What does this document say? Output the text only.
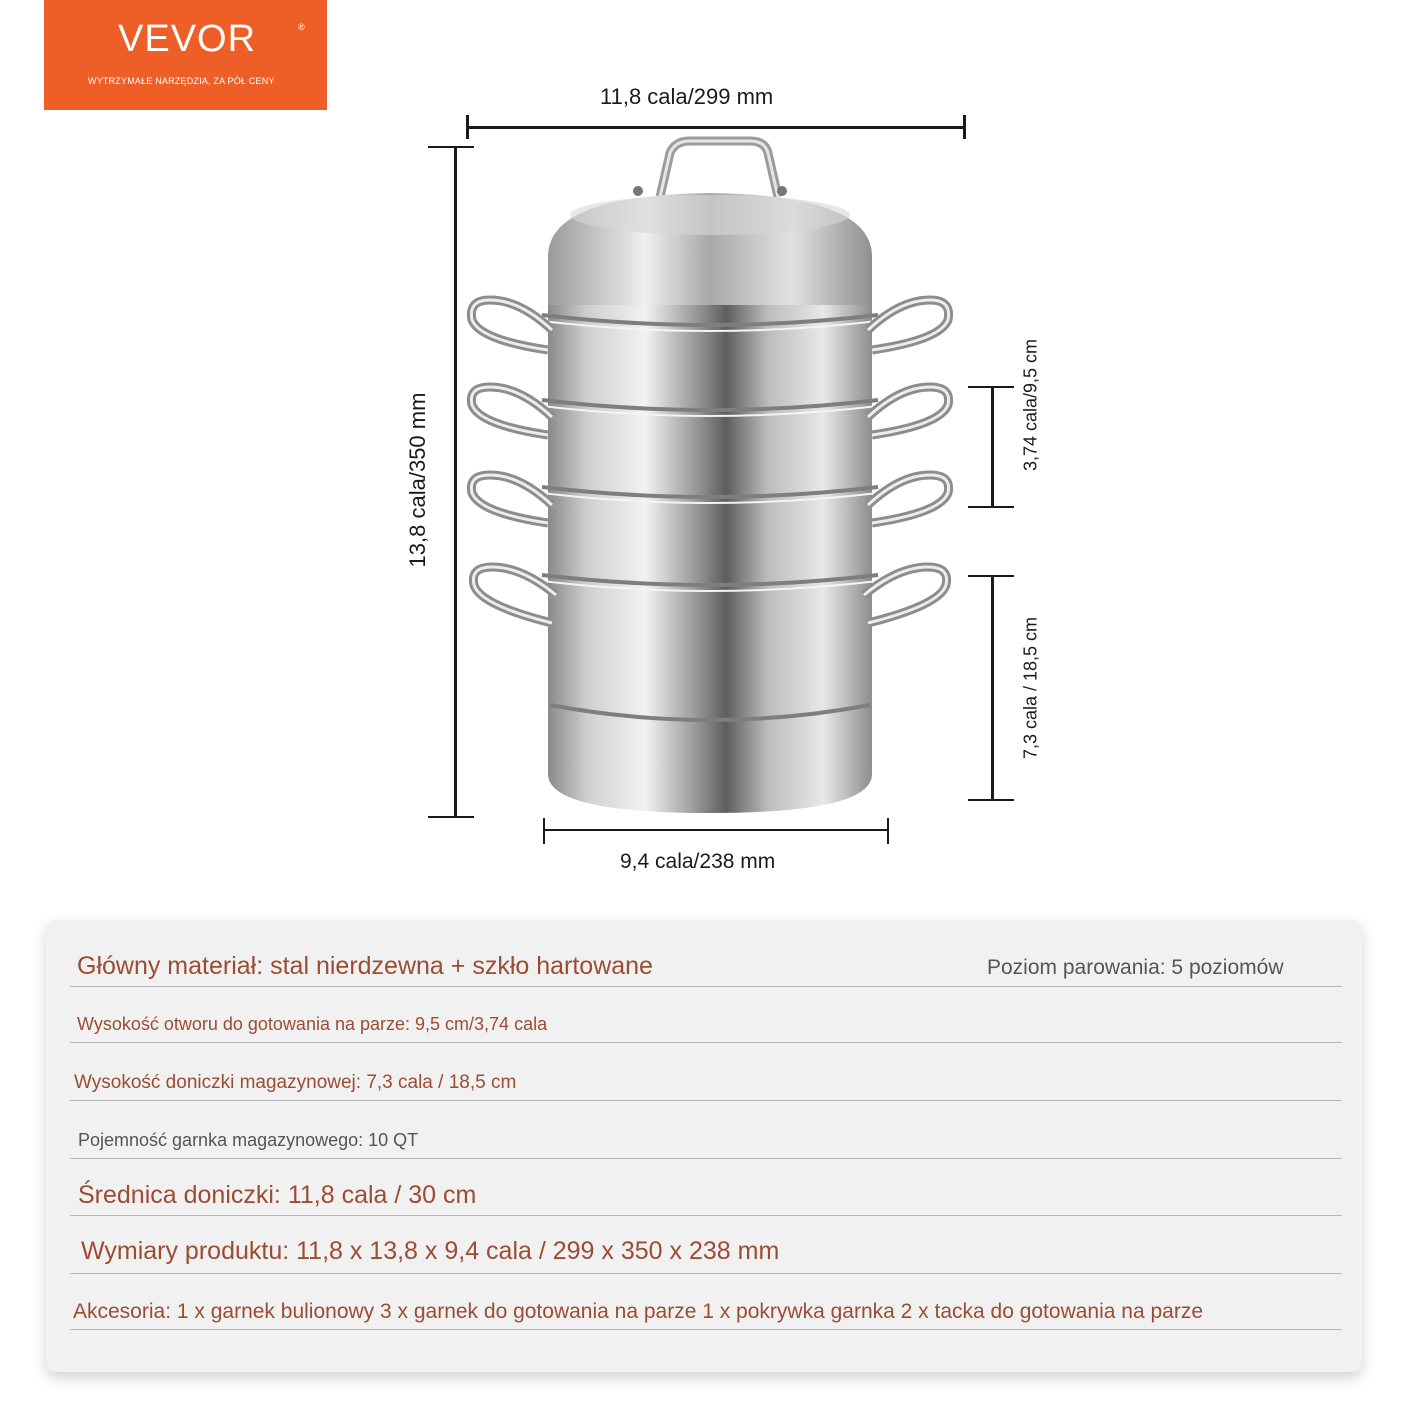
VEVOR	®
WYTRZYMAŁE NARZĘDZIA, ZA PÓŁ CENY
11,8 cala/299 mm
13,8 cala/350 mm	3,74 cala/9,5 cm
7,3 cala / 18,5 cm
9,4 cala/238 mm
Główny materiał: stal nierdzewna + szkło hartowane	Poziom parowania: 5 poziomów
Wysokość otworu do gotowania na parze: 9,5 cm/3,74 cala
Wysokość doniczki magazynowej: 7,3 cala / 18,5 cm
Pojemność garnka magazynowego: 10 QT
Średnica doniczki: 11,8 cala / 30 cm
Wymiary produktu: 11,8 x 13,8 x 9,4 cala / 299 x 350 x 238 mm
Akcesoria: 1 x garnek bulionowy 3 x garnek do gotowania na parze 1 x pokrywka garnka 2 x tacka do gotowania na parze
